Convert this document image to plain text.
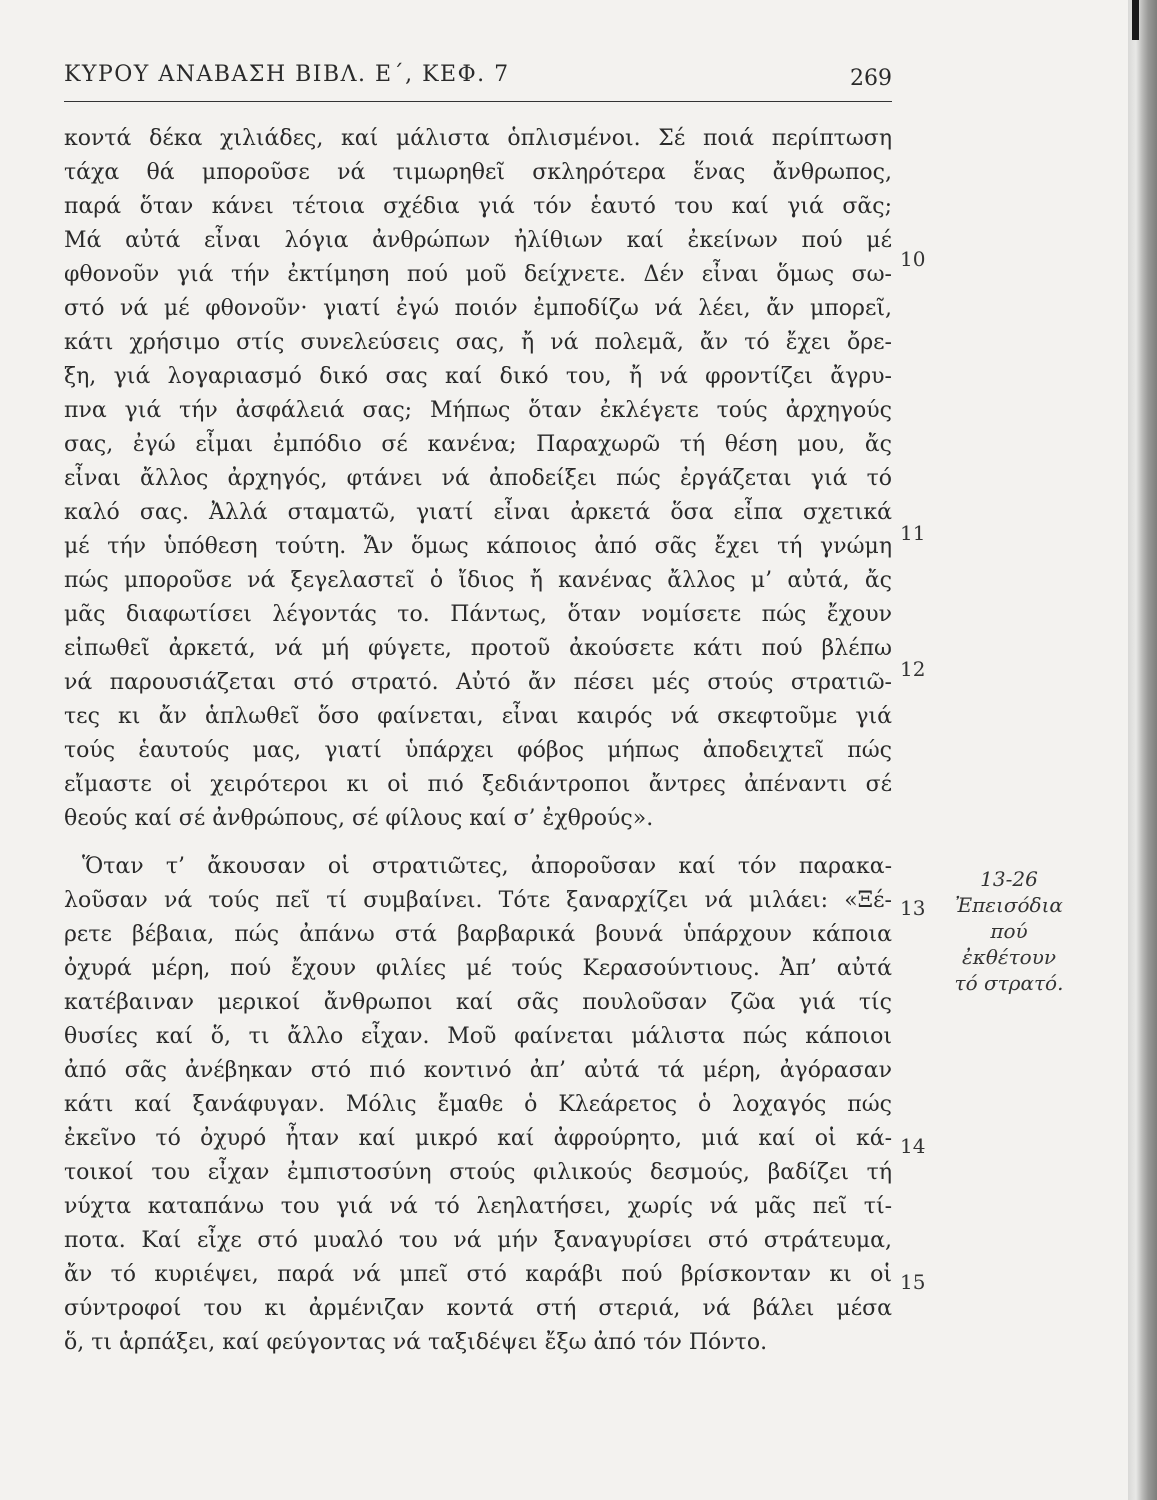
ΚΥΡΟΥ ΑΝΑΒΑΣΗ ΒΙΒΛ. Ε΄, ΚΕΦ. 7	269
κοντά δέκα χιλιάδες, καί μάλιστα ὁπλισμένοι. Σέ ποιά περίπτωση
τάχα θά μποροῦσε νά τιμωρηθεῖ σκληρότερα ἕνας ἄνθρωπος,
παρά ὅταν κάνει τέτοια σχέδια γιά τόν ἑαυτό του καί γιά σᾶς;
Μά αὐτά εἶναι λόγια ἀνθρώπων ἠλίθιων καί ἐκείνων πού μέ
φθονοῦν γιά τήν ἐκτίμηση πού μοῦ δείχνετε. Δέν εἶναι ὅμως σω-
στό νά μέ φθονοῦν· γιατί ἐγώ ποιόν ἐμποδίζω νά λέει, ἄν μπορεῖ,
κάτι χρήσιμο στίς συνελεύσεις σας, ἤ νά πολεμᾶ, ἄν τό ἔχει ὄρε-
ξη, γιά λογαριασμό δικό σας καί δικό του, ἤ νά φροντίζει ἄγρυ-
πνα γιά τήν ἀσφάλειά σας; Μήπως ὅταν ἐκλέγετε τούς ἀρχηγούς
σας, ἐγώ εἶμαι ἐμπόδιο σέ κανένα; Παραχωρῶ τή θέση μου, ἄς
εἶναι ἄλλος ἀρχηγός, φτάνει νά ἀποδείξει πώς ἐργάζεται γιά τό
καλό σας. Ἀλλά σταματῶ, γιατί εἶναι ἀρκετά ὅσα εἶπα σχετικά
μέ τήν ὑπόθεση τούτη. Ἄν ὅμως κάποιος ἀπό σᾶς ἔχει τή γνώμη
πώς μποροῦσε νά ξεγελαστεῖ ὁ ἴδιος ἤ κανένας ἄλλος μ’ αὐτά, ἄς
μᾶς διαφωτίσει λέγοντάς το. Πάντως, ὅταν νομίσετε πώς ἔχουν
εἰπωθεῖ ἀρκετά, νά μή φύγετε, προτοῦ ἀκούσετε κάτι πού βλέπω
νά παρουσιάζεται στό στρατό. Αὐτό ἄν πέσει μές στούς στρατιῶ-
τες κι ἄν ἁπλωθεῖ ὅσο φαίνεται, εἶναι καιρός νά σκεφτοῦμε γιά
τούς ἑαυτούς μας, γιατί ὑπάρχει φόβος μήπως ἀποδειχτεῖ πώς
εἴμαστε οἱ χειρότεροι κι οἱ πιό ξεδιάντροποι ἄντρες ἀπέναντι σέ
θεούς καί σέ ἀνθρώπους, σέ φίλους καί σ’ ἐχθρούς».
Ὅταν τ’ ἄκουσαν οἱ στρατιῶτες, ἀποροῦσαν καί τόν παρακα-
λοῦσαν νά τούς πεῖ τί συμβαίνει. Τότε ξαναρχίζει νά μιλάει: «Ξέ-
ρετε βέβαια, πώς ἀπάνω στά βαρβαρικά βουνά ὑπάρχουν κάποια
ὀχυρά μέρη, πού ἔχουν φιλίες μέ τούς Κερασούντιους. Ἀπ’ αὐτά
κατέβαιναν μερικοί ἄνθρωποι καί σᾶς πουλοῦσαν ζῶα γιά τίς
θυσίες καί ὅ, τι ἄλλο εἶχαν. Μοῦ φαίνεται μάλιστα πώς κάποιοι
ἀπό σᾶς ἀνέβηκαν στό πιό κοντινό ἀπ’ αὐτά τά μέρη, ἀγόρασαν
κάτι καί ξανάφυγαν. Μόλις ἔμαθε ὁ Κλεάρετος ὁ λοχαγός πώς
ἐκεῖνο τό ὀχυρό ἦταν καί μικρό καί ἀφρούρητο, μιά καί οἱ κά-
τοικοί του εἶχαν ἐμπιστοσύνη στούς φιλικούς δεσμούς, βαδίζει τή
νύχτα καταπάνω του γιά νά τό λεηλατήσει, χωρίς νά μᾶς πεῖ τί-
ποτα. Καί εἶχε στό μυαλό του νά μήν ξαναγυρίσει στό στράτευμα,
ἄν τό κυριέψει, παρά νά μπεῖ στό καράβι πού βρίσκονταν κι οἱ
σύντροφοί του κι ἀρμένιζαν κοντά στή στεριά, νά βάλει μέσα
ὅ, τι ἁρπάξει, καί φεύγοντας νά ταξιδέψει ἔξω ἀπό τόν Πόντο.
10
11
12
13
14
15
13-26
Ἐπεισόδια
πού ἐκθέτουν
τό στρατό.
